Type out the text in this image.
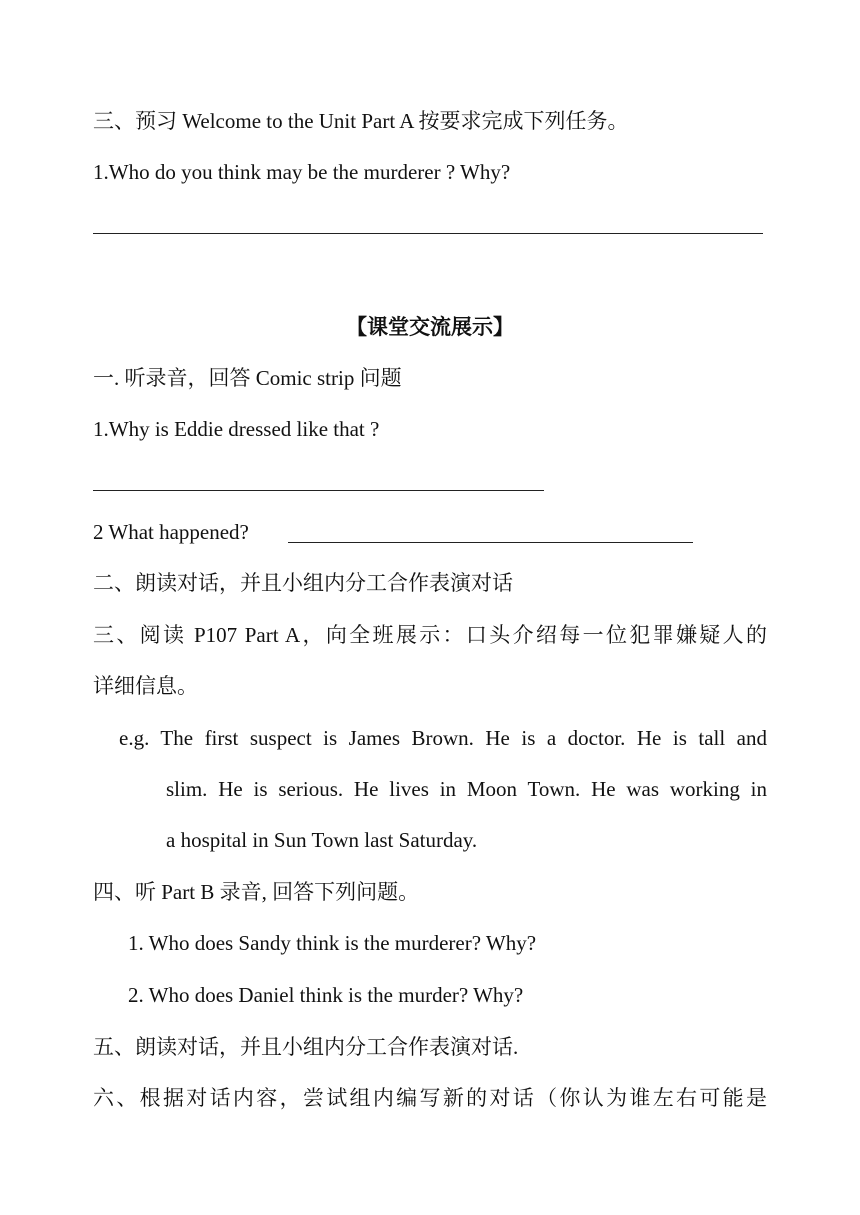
三、预习 Welcome to the Unit Part A 按要求完成下列任务。
1.Who do you think may be the murderer ? Why?
【课堂交流展示】
一. 听录音，回答 Comic strip 问题
1.Why is Eddie dressed like that ?
2 What happened?
二、朗读对话，并且小组内分工合作表演对话
三、阅读 P107 Part A，向全班展示：口头介绍每一位犯罪嫌疑人的
详细信息。
e.g. The first suspect is James Brown. He is a doctor. He is tall and
slim. He is serious. He lives in Moon Town. He was working in
a hospital in Sun Town last Saturday.
四、听 Part B 录音, 回答下列问题。
1. Who does Sandy think is the murderer? Why?
2. Who does Daniel think is the murder? Why?
五、朗读对话，并且小组内分工合作表演对话.
六、根据对话内容，尝试组内编写新的对话（你认为谁左右可能是
